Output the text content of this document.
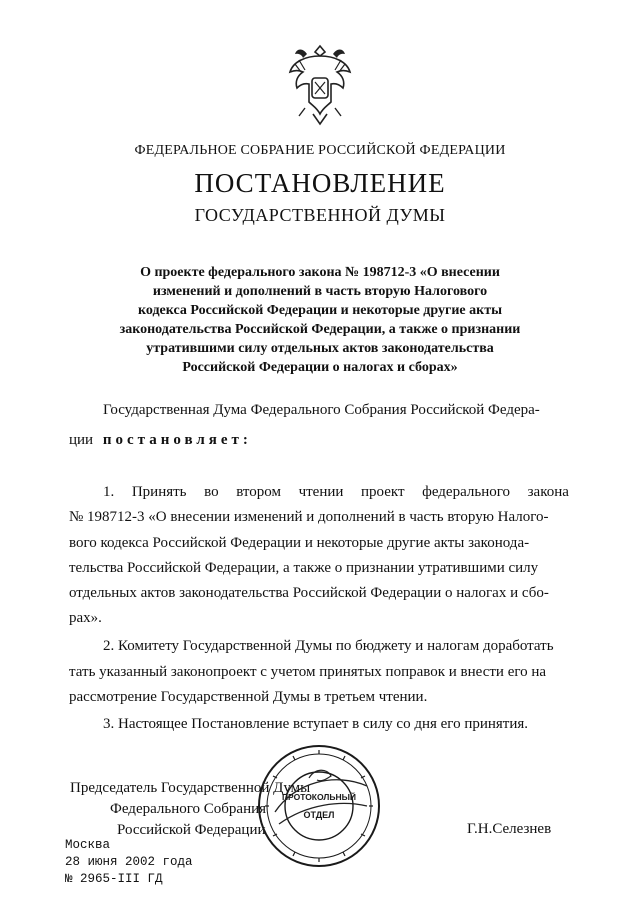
ФЕДЕРАЛЬНОЕ СОБРАНИЕ РОССИЙСКОЙ ФЕДЕРАЦИИ
ПОСТАНОВЛЕНИЕ
ГОСУДАРСТВЕННОЙ ДУМЫ
О проекте федерального закона № 198712-3 «О внесении
изменений и дополнений в часть вторую Налогового
кодекса Российской Федерации и некоторые другие акты
законодательства Российской Федерации, а также о признании
утратившими силу отдельных актов законодательства
Российской Федерации о налогах и сборах»
Государственная Дума Федерального Собрания Российской Федера-
ции постановляет:
1. Принять во втором чтении проект федерального закона
№ 198712-3 «О внесении изменений и дополнений в часть вторую Налого-
вого кодекса Российской Федерации и некоторые другие акты законода-
тельства Российской Федерации, а также о признании утратившими силу
отдельных актов законодательства Российской Федерации о налогах и сбо-
рах».
2. Комитету Государственной Думы по бюджету и налогам доработать
тать указанный законопроект с учетом принятых поправок и внести его на
рассмотрение Государственной Думы в третьем чтении.
3. Настоящее Постановление вступает в силу со дня его принятия.
Председатель Государственной Думы
Федерального Собрания
Российской Федерации	Г.Н.Селезнев
ПРОТОКОЛЬНЫЙ
ОТДЕЛ
Москва
28 июня 2002 года
№ 2965-III ГД
